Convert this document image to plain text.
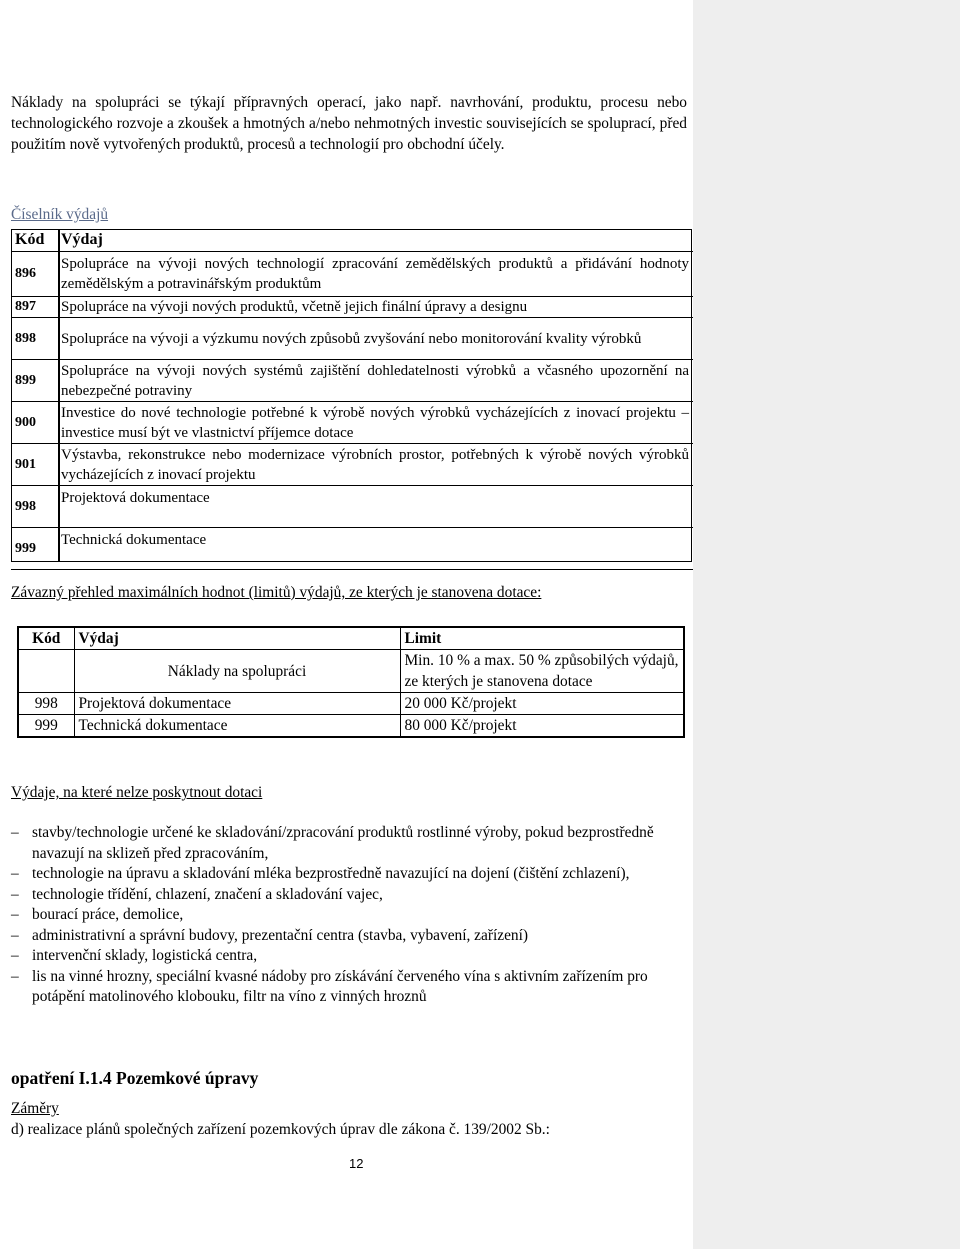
Náklady na spolupráci se týkají přípravných operací, jako např. navrhování, produktu, procesu nebo technologického rozvoje a zkoušek a hmotných a/nebo nehmotných investic souvisejících se spoluprací, před použitím nově vytvořených produktů, procesů a technologií pro obchodní účely.
Číselník výdajů
Kód	Výdaj
896	Spolupráce na vývoji nových technologií zpracování zemědělských produktů a přidávání hodnoty zemědělským a potravinářským produktům
897	Spolupráce na vývoji nových produktů, včetně jejich finální úpravy a designu
898	Spolupráce na vývoji a výzkumu nových způsobů zvyšování nebo monitorování kvality výrobků
899	Spolupráce na vývoji nových systémů zajištění dohledatelnosti výrobků a včasného upozornění na nebezpečné potraviny
900	Investice do nové technologie potřebné k výrobě nových výrobků vycházejících z inovací projektu – investice musí být ve vlastnictví příjemce dotace
901	Výstavba, rekonstrukce nebo modernizace výrobních prostor, potřebných k výrobě nových výrobků vycházejících z inovací projektu
998	Projektová dokumentace
999	Technická dokumentace
Závazný přehled maximálních hodnot (limitů) výdajů, ze kterých je stanovena dotace:
Kód	Výdaj	Limit
	Náklady na spolupráci	Min. 10 % a max. 50 % způsobilých výdajů, ze kterých je stanovena dotace
998	Projektová dokumentace	20 000 Kč/projekt
999	Technická dokumentace	80 000 Kč/projekt
Výdaje, na které nelze poskytnout dotaci
– stavby/technologie určené ke skladování/zpracování produktů rostlinné výroby, pokud bezprostředně navazují na sklizeň před zpracováním,
– technologie na úpravu a skladování mléka bezprostředně navazující na dojení (čištění zchlazení),
– technologie třídění, chlazení, značení a skladování vajec,
– bourací práce, demolice,
– administrativní a správní budovy, prezentační centra (stavba, vybavení, zařízení)
– intervenční sklady, logistická centra,
– lis na vinné hrozny, speciální kvasné nádoby pro získávání červeného vína s aktivním zařízením pro potápění matolinového klobouku, filtr na víno z vinných hroznů
opatření I.1.4 Pozemkové úpravy
Záměry
d) realizace plánů společných zařízení pozemkových úprav dle zákona č. 139/2002 Sb.:
12
